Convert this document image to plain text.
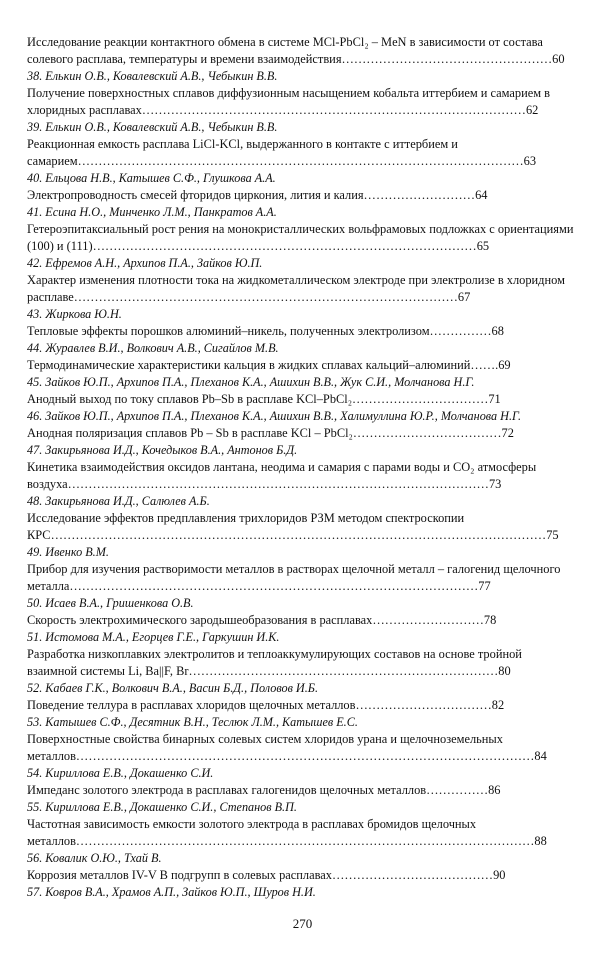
Исследование реакции контактного обмена в системе MCl-PbCl₂ – MeN в зависимости от состава солевого расплава, температуры и времени взаимодействия……………………………………………60
38. Елькин О.В., Ковалевский А.В., Чебыкин В.В.
Получение поверхностных сплавов диффузионным насыщением кобальта иттербием и самарием в хлоридных расплавах…………………………………………………………………………………62
39. Елькин О.В., Ковалевский А.В., Чебыкин В.В.
Реакционная емкость расплава LiCl-KCl, выдержанного в контакте с иттербием и самарием………………………………………………………………………………………………63
40. Ельцова Н.В., Катышев С.Ф., Глушкова А.А.
Электропроводность смесей фторидов циркония, лития и калия………………………64
41. Есина Н.О., Минченко Л.М., Панкратов А.А.
Гетероэпитаксиальный рост рения на монокристаллических вольфрамовых подложках с ориентациями (100) и (111)…………………………………………………………………………………65
42. Ефремов А.Н., Архипов П.А., Зайков Ю.П.
Характер изменения плотности тока на жидкометаллическом электроде при электролизе в хлоридном расплаве…………………………………………………………………………………67
43. Жиркова Ю.Н.
Тепловые эффекты порошков алюминий–никель, полученных электролизом……………68
44. Журавлев В.И., Волкович А.В., Сигайлов М.В.
Термодинамические характеристики кальция в жидких сплавах кальций–алюминий…….69
45. Зайков Ю.П., Архипов П.А., Плеханов К.А., Ашихин В.В., Жук С.И., Молчанова Н.Г.
Анодный выход по току сплавов Pb–Sb в расплаве KCl–PbCl₂……………………………71
46. Зайков Ю.П., Архипов П.А., Плеханов К.А., Ашихин В.В., Халимуллина Ю.Р., Молчанова Н.Г.
Анодная поляризация сплавов Pb – Sb в расплаве KCl – PbCl₂………………………………72
47. Закирьянова И.Д., Кочедыков В.А., Антонов Б.Д.
Кинетика взаимодействия оксидов лантана, неодима и самария с парами воды и CO₂ атмосферы воздуха…………………………………………………………………………………………73
48. Закирьянова И.Д., Салюлев А.Б.
Исследование эффектов предплавления трихлоридов РЗМ методом спектроскопии КРС…………………………………………………………………………………………………………75
49. Ивенко В.М.
Прибор для изучения растворимости металлов в растворах щелочной металл – галогенид щелочного металла………………………………………………………………………………………77
50. Исаев В.А., Гришенкова О.В.
Скорость электрохимического зародышеобразования в расплавах………………………78
51. Истомова М.А., Егорцев Г.Е., Гаркушин И.К.
Разработка низкоплавких электролитов и теплоаккумулирующих составов на основе тройной взаимной системы Li, Ba||F, Br…………………………………………………………………80
52. Кабаев Г.К., Волкович В.А., Васин Б.Д., Половов И.Б.
Поведение теллура в расплавах хлоридов щелочных металлов……………………………82
53. Катышев С.Ф., Десятник В.Н., Теслюк Л.М., Катышев Е.С.
Поверхностные свойства бинарных солевых систем хлоридов урана и щелочноземельных металлов…………………………………………………………………………………………………84
54. Кириллова Е.В., Докашенко С.И.
Импеданс золотого электрода в расплавах галогенидов щелочных металлов……………86
55. Кириллова Е.В., Докашенко С.И., Степанов В.П.
Частотная зависимость емкости золотого электрода в расплавах бромидов щелочных металлов…………………………………………………………………………………………………88
56. Ковалик О.Ю., Тхай В.
Коррозия металлов IV-V В подгрупп в солевых расплавах…………………………………90
57. Ковров В.А., Храмов А.П., Зайков Ю.П., Шуров Н.И.
270
